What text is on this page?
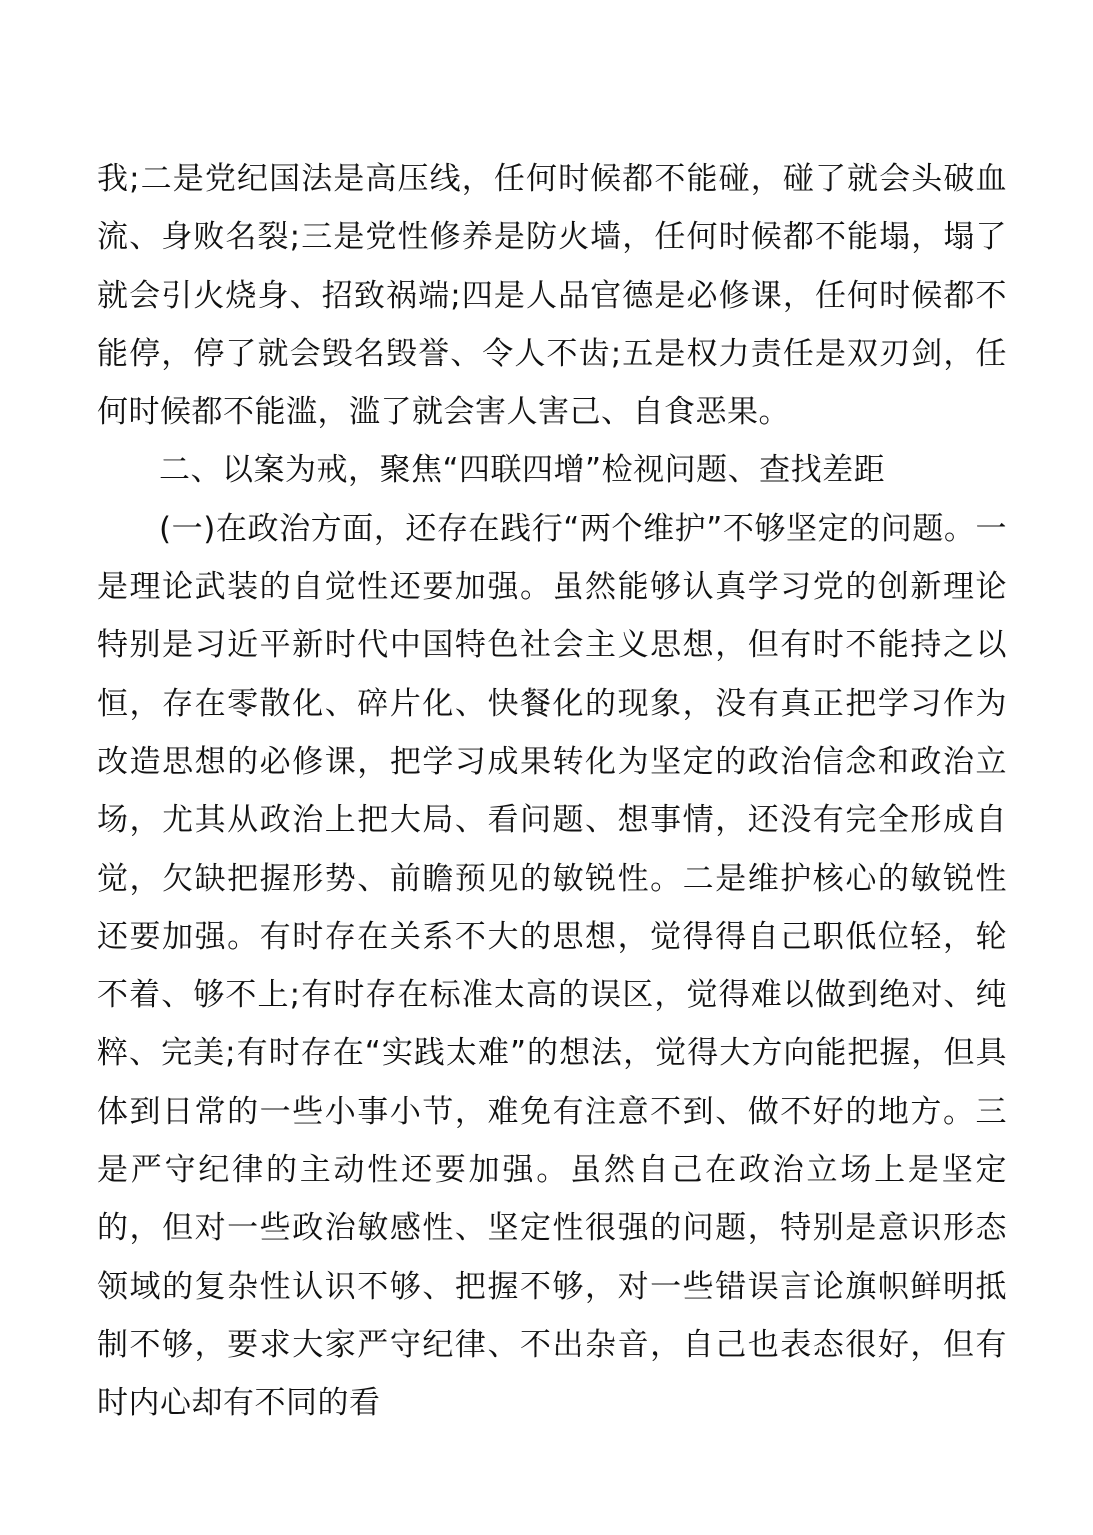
我;二是党纪国法是高压线，任何时候都不能碰，碰了就会头破血流、身败名裂;三是党性修养是防火墙，任何时候都不能塌，塌了就会引火烧身、招致祸端;四是人品官德是必修课，任何时候都不能停，停了就会毁名毁誉、令人不齿;五是权力责任是双刃剑，任何时候都不能滥，滥了就会害人害己、自食恶果。

二、以案为戒，聚焦“四联四增”检视问题、查找差距

(一)在政治方面，还存在践行“两个维护”不够坚定的问题。一是理论武装的自觉性还要加强。虽然能够认真学习党的创新理论特别是习近平新时代中国特色社会主义思想，但有时不能持之以恒，存在零散化、碎片化、快餐化的现象，没有真正把学习作为改造思想的必修课，把学习成果转化为坚定的政治信念和政治立场，尤其从政治上把大局、看问题、想事情，还没有完全形成自觉，欠缺把握形势、前瞻预见的敏锐性。二是维护核心的敏锐性还要加强。有时存在关系不大的思想，觉得得自己职低位轻，轮不着、够不上;有时存在标准太高的误区，觉得难以做到绝对、纯粹、完美;有时存在“实践太难”的想法，觉得大方向能把握，但具体到日常的一些小事小节，难免有注意不到、做不好的地方。三是严守纪律的主动性还要加强。虽然自己在政治立场上是坚定的，但对一些政治敏感性、坚定性很强的问题，特别是意识形态领域的复杂性认识不够、把握不够，对一些错误言论旗帜鲜明抵制不够，要求大家严守纪律、不出杂音，自己也表态很好，但有时内心却有不同的看
